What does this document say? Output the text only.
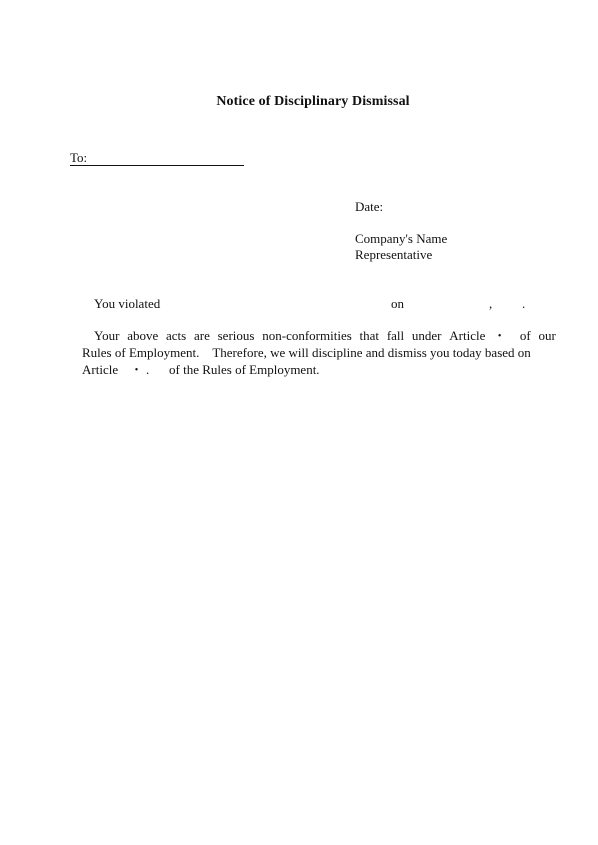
Notice of Disciplinary Dismissal
To:
Date:
Company's Name
Representative
You violated	on	, .
Your above acts are serious non-conformities that fall under Article ・ of our
Rules of Employment.　Therefore, we will discipline and dismiss you today based on
Article ・ . of the Rules of Employment.
